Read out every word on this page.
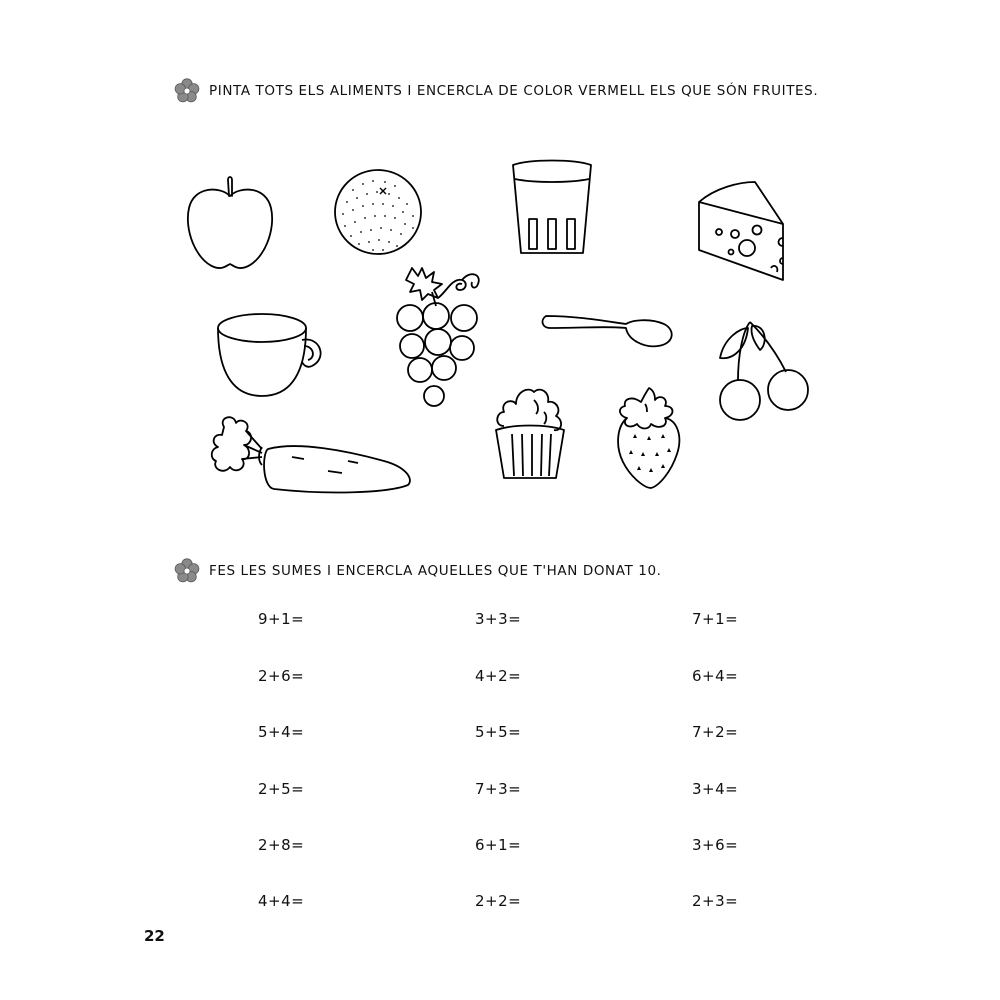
PINTA TOTS ELS ALIMENTS I ENCERCLA DE COLOR VERMELL ELS QUE SÓN FRUITES.
FES LES SUMES I ENCERCLA AQUELLES QUE T'HAN DONAT 10.
9+1=
2+6=
5+4=
2+5=
2+8=
4+4=
3+3=
4+2=
5+5=
7+3=
6+1=
2+2=
7+1=
6+4=
7+2=
3+4=
3+6=
2+3=
22
